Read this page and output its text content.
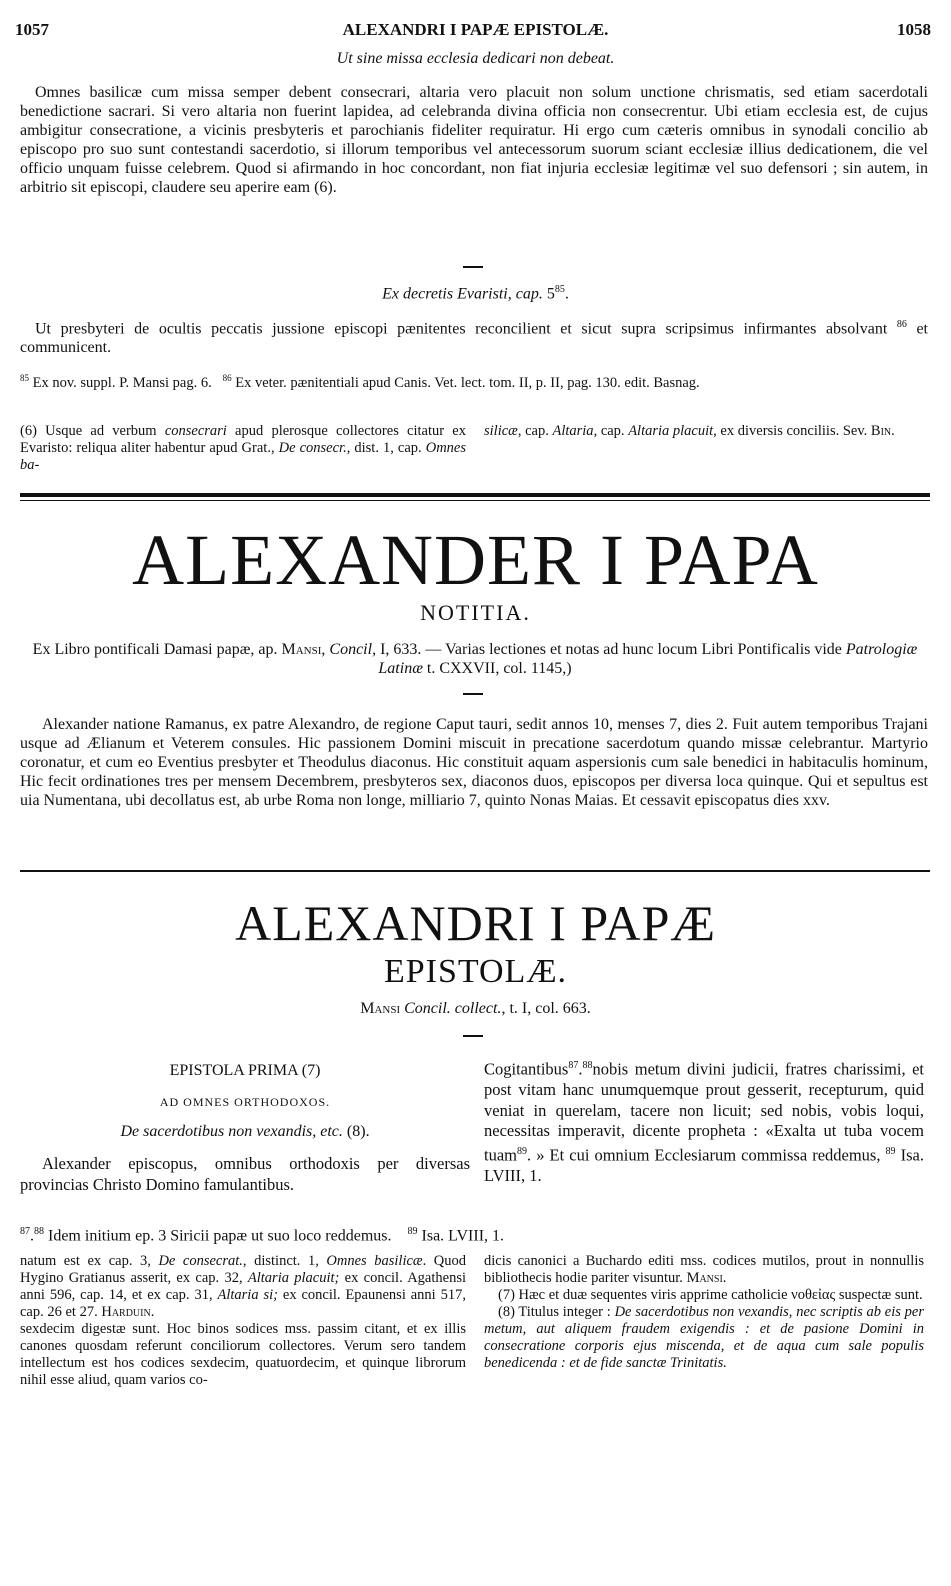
1057	ALEXANDRI I PAPÆ EPISTOLÆ.	1058
Ut sine missa ecclesia dedicari non debeat.

Omnes basilicæ cum missa semper debent consecrari, altaria vero placuit non solum unctione chrismatis, sed etiam sacerdotali benedictione sacrari. Si vero altaria non fuerint lapidea, ad celebranda divina officia non consecrentur. Ubi etiam ecclesia est, de cujus ambigitur consecratione, a vicinis presbyteris et parochianis fideliter requiratur. Hi ergo cum cæteris omnibus in synodali concilio ab episcopo pro suo sunt contestandi sacerdotio, si illorum temporibus vel antecessorum suorum sciant ecclesiæ illius dedicationem, die vel officio unquam fuisse celebrem. Quod si afirmando in hoc concordant, non fiat injuria ecclesiæ legitimæ vel suo defensori ; sin autem, in arbitrio sit episcopi, claudere seu aperire eam (6).

Ex decretis Evaristi, cap. $5^{85}$.

Ut presbyteri de ocultis peccatis jussione episcopi pænitentes reconcilient et sicut supra scripsimus infirmantes absolvant $^{86}$ et communicent.

$^{85}$ Ex nov. suppl. P. Mansi pag. 6. $^{86}$ Ex veter. pænitentiali apud Canis. Vet. lect. tom. II, p. II, pag. 130. edit. Basnag.

(6) Usque ad verbum consecrari apud plerosque collectores citatur ex Evaristo: reliqua aliter habentur apud Grat., De consecr., dist. 1, cap. Omnes ba-

silicæ, cap. Altaria, cap. Altaria placuit, ex diversis conciliis. Sev. Bin.

ALEXANDER I PAPA
NOTITIA.

Ex Libro pontificali Damasi papæ, ap. Mansi, Concil, I, 633. — Varias lectiones et notas ad hunc locum Libri Pontificalis vide Patrologiæ Latinæ t. CXXVII, col. 1145,)

Alexander natione Ramanus, ex patre Alexandro, de regione Caput tauri, sedit annos 10, menses 7, dies 2. Fuit autem temporibus Trajani usque ad Ælianum et Veterem consules. Hic passionem Domini miscuit in precatione sacerdotum quando missæ celebrantur. Martyrio coronatur, et cum eo Eventius presbyter et Theodulus diaconus. Hic constituit aquam aspersionis cum sale benedici in habitaculis hominum, Hic fecit ordinationes tres per mensem Decembrem, presbyteros sex, diaconos duos, episcopos per diversa loca quinque. Qui et sepultus est uia Numentana, ubi decollatus est, ab urbe Roma non longe, milliario 7, quinto Nonas Maias. Et cessavit episcopatus dies xxv.

ALEXANDRI I PAPÆ
EPISTOLÆ.
Mansi Concil. collect., t. I, col. 663.
EPISTOLA PRIMA (7)
AD OMNES ORTHODOXOS.
De sacerdotibus non vexandis, etc. (8).

Alexander episcopus, omnibus orthodoxis per diversas provincias Christo Domino famulantibus.

Cogitantibus$^{87}$.$^{88}$nobis metum divini judicii, fratres charissimi, et post vitam hanc unumquemque prout gesserit, recepturum, quid veniat in querelam, tacere non licuit; sed nobis, vobis loqui, necessitas imperavit, dicente propheta : «Exalta ut tuba vocem tuam$^{89}$. » Et cui omnium Ecclesiarum commissa reddemus, $^{89}$ Isa. LVIII, 1.

$^{87}$.$^{88}$ Idem initium ep. 3 Siricii papæ ut suo loco reddemus. $^{89}$ Isa. LVIII, 1.

natum est ex cap. 3, De consecrat., distinct. 1, Omnes basilicæ. Quod Hygino Gratianus asserit, ex cap. 32, Altaria placuit; ex concil. Agathensi anni 596, cap. 14, et ex cap. 31, Altaria si; ex concil. Epaunensi anni 517, cap. 26 et 27. Harduin.
sexdecim digestæ sunt. Hoc binos sodices mss. passim citant, et ex illis canones quosdam referunt conciliorum collectores. Verum sero tandem intellectum est hos codices sexdecim, quatuordecim, et quinque librorum nihil esse aliud, quam varios co-

dicis canonici a Buchardo editi mss. codices mutilos, prout in nonnullis bibliothecis hodie pariter visuntur. Mansi.
(7) Hæc et duæ sequentes viris apprime catholicie νοθεἰας suspectæ sunt.
(8) Titulus integer : De sacerdotibus non vexandis, nec scriptis ab eis per metum, aut aliquem fraudem exigendis : et de pasione Domini in consecratione corporis ejus miscenda, et de aqua cum sale populis benedicenda : et de fide sanctæ Trinitatis.
